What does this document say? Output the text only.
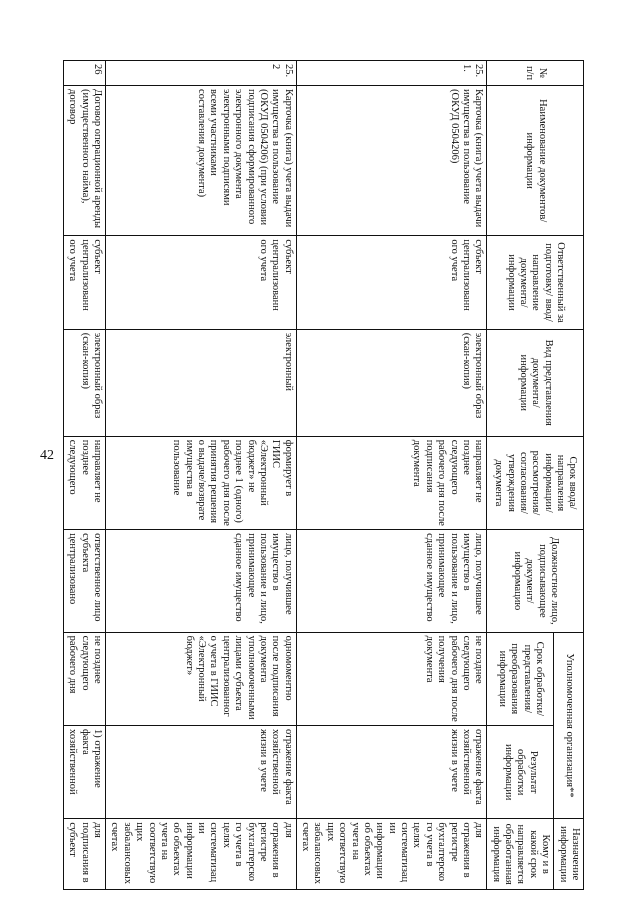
42
№ п/п	Наименование документов/информации	Ответственный за подготовку/ ввод/ направление документа/ информации	Вид представления документа/ информации	Срок ввода/ направления информации/ рассмотрения/ согласования/ утверждения документа	Должностное лицо, подписывающее документ/ информацию	Уполномоченная организация**		Назначение информации
						Срок обработки/ представления/ преобразования информации	Результат обработки информации	Кому и в какой срок направляется обработанная информация
25.1.	Карточка (книга) учета выдачи имущества в пользование (ОКУД 0504206)	субъект централизованн ого учета	электронный образ (скан-копия)	направляет не позднее следующего рабочего дня после подписания документа	лицо, получившее имущество в пользование и лицо, принимающее сданное имущество	не позднее следующего рабочего дня после получения документа	отражение факта хозяйственной жизни в учете	для отражения в регистре бухгалтерско го учета в целях систематизац ии информации об объектах учета на соответствую щих забалансовых счетах
25.2	Карточка (книга) учета выдачи имущества в пользование (ОКУД 0504206) (при условии подписания сформированного электронного документа электронными подписями всеми участниками составления документа)	субъект централизованн ого учета	электронный	формирует в ГИИС «Электронный бюджет» не позднее 1 (одного) рабочего дня после принятия решения о выдаче/возврате имущества в пользование	лицо, получившее имущество в пользование и лицо, принимающее сданное имущество	одномоментно после подписания документа уполномоченными лицами субъекта централизованног о учета в ГИИС «Электронный бюджет»	отражение факта хозяйственной жизни в учете	для отражения в регистре бухгалтерско го учета в целях систематизац ии информации об объектах учета на соответствую щих забалансовых счетах
26	Договор операционной аренды (имущественного найма), договор	субъект централизованн ого учета	электронный образ (скан-копия)	направляет не позднее следующего	ответственное лицо субъекта централизовано	не позднее следующего рабочего дня	1) отражение факта хозяйственной	для подписания в субъект
